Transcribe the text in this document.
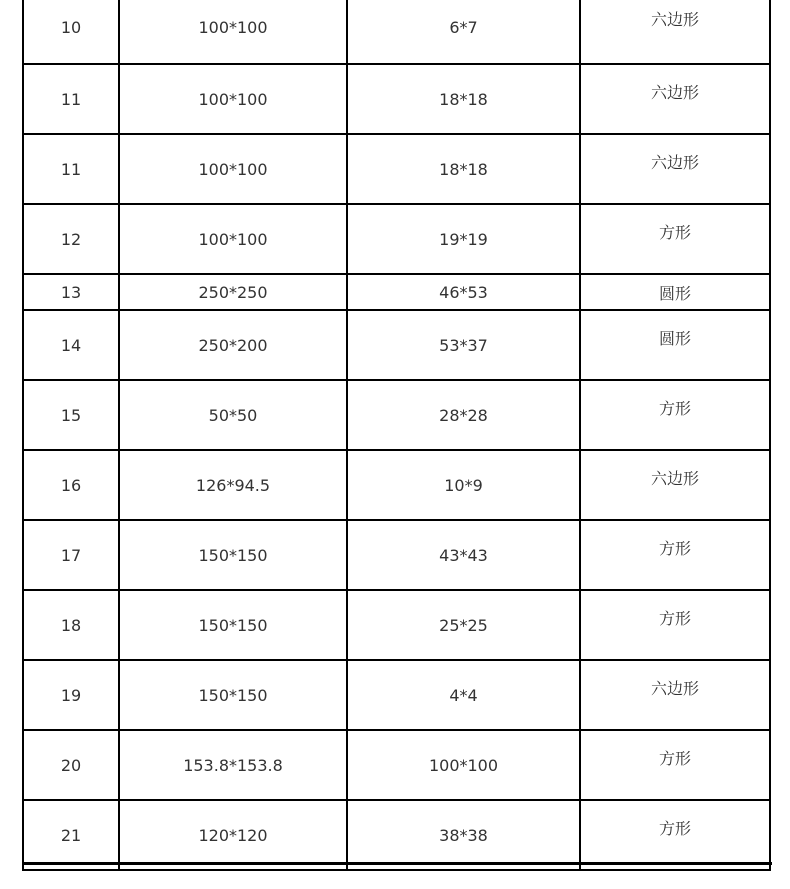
10	100*100	6*7	六边形
11	100*100	18*18	六边形
11	100*100	18*18	六边形
12	100*100	19*19	方形
13	250*250	46*53	圆形
14	250*200	53*37	圆形
15	50*50	28*28	方形
16	126*94.5	10*9	六边形
17	150*150	43*43	方形
18	150*150	25*25	方形
19	150*150	4*4	六边形
20	153.8*153.8	100*100	方形
21	120*120	38*38	方形
